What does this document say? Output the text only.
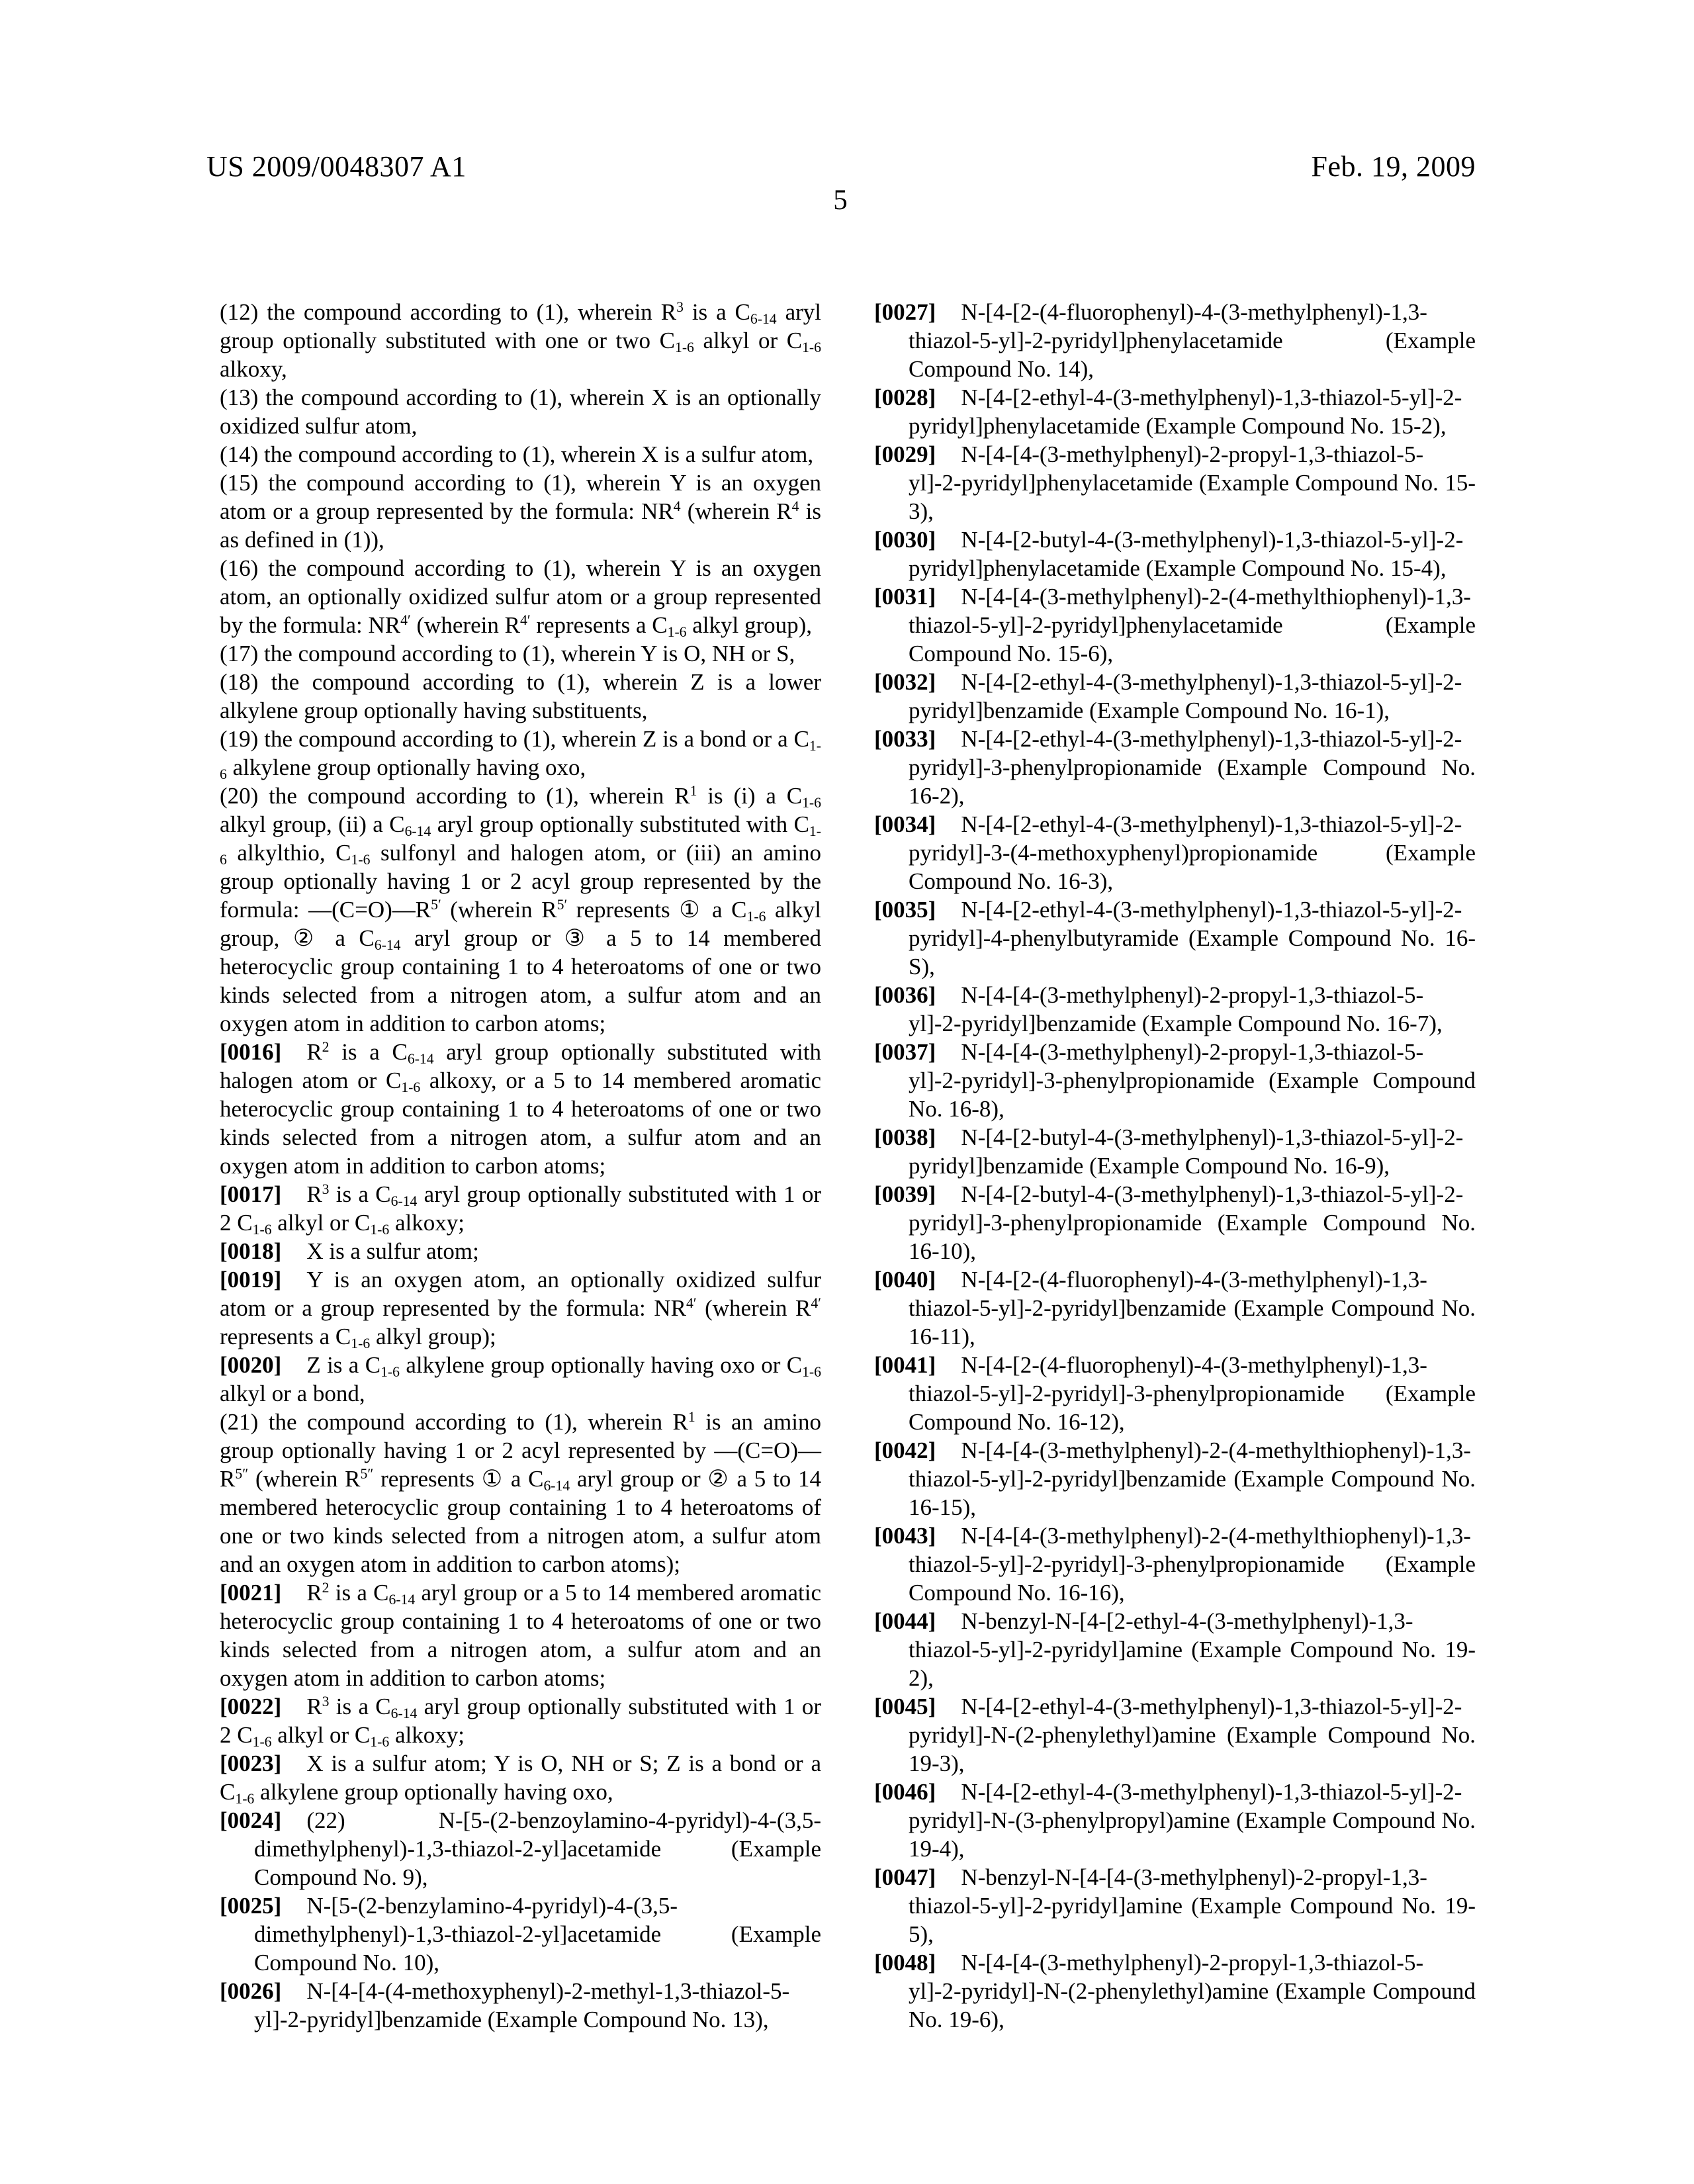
US 2009/0048307 A1	Feb. 19, 2009
5
(12) the compound according to (1), wherein $R^3$ is a $C_{6-14}$ aryl group optionally substituted with one or two $C_{1-6}$ alkyl or $C_{1-6}$ alkoxy,
(13) the compound according to (1), wherein X is an optionally oxidized sulfur atom,
(14) the compound according to (1), wherein X is a sulfur atom,
(15) the compound according to (1), wherein Y is an oxygen atom or a group represented by the formula: $NR^4$ (wherein $R^4$ is as defined in (1)),
(16) the compound according to (1), wherein Y is an oxygen atom, an optionally oxidized sulfur atom or a group represented by the formula: $NR^{4'}$ (wherein $R^{4'}$ represents a $C_{1-6}$ alkyl group),
(17) the compound according to (1), wherein Y is O, NH or S,
(18) the compound according to (1), wherein Z is a lower alkylene group optionally having substituents,
(19) the compound according to (1), wherein Z is a bond or a $C_{1-6}$ alkylene group optionally having oxo,
(20) the compound according to (1), wherein $R^1$ is (i) a $C_{1-6}$ alkyl group, (ii) a $C_{6-14}$ aryl group optionally substituted with $C_{1-6}$ alkylthio, $C_{1-6}$ sulfonyl and halogen atom, or (iii) an amino group optionally having 1 or 2 acyl group represented by the formula: $—(C=O)—R^{5'}$ (wherein $R^{5'}$ represents ① a $C_{1-6}$ alkyl group, ② a $C_{6-14}$ aryl group or ③ a 5 to 14 membered heterocyclic group containing 1 to 4 heteroatoms of one or two kinds selected from a nitrogen atom, a sulfur atom and an oxygen atom in addition to carbon atoms;
[0016] $R^2$ is a $C_{6-14}$ aryl group optionally substituted with halogen atom or $C_{1-6}$ alkoxy, or a 5 to 14 membered aromatic heterocyclic group containing 1 to 4 heteroatoms of one or two kinds selected from a nitrogen atom, a sulfur atom and an oxygen atom in addition to carbon atoms;
[0017] $R^3$ is a $C_{6-14}$ aryl group optionally substituted with 1 or 2 $C_{1-6}$ alkyl or $C_{1-6}$ alkoxy;
[0018] X is a sulfur atom;
[0019] Y is an oxygen atom, an optionally oxidized sulfur atom or a group represented by the formula: $NR^{4'}$ (wherein $R^{4'}$ represents a $C_{1-6}$ alkyl group);
[0020] Z is a $C_{1-6}$ alkylene group optionally having oxo or $C_{1-6}$ alkyl or a bond,
(21) the compound according to (1), wherein $R^1$ is an amino group optionally having 1 or 2 acyl represented by $—(C=O)—R^{5''}$ (wherein $R^{5''}$ represents ① a $C_{6-14}$ aryl group or ② a 5 to 14 membered heterocyclic group containing 1 to 4 heteroatoms of one or two kinds selected from a nitrogen atom, a sulfur atom and an oxygen atom in addition to carbon atoms);
[0021] $R^2$ is a $C_{6-14}$ aryl group or a 5 to 14 membered aromatic heterocyclic group containing 1 to 4 heteroatoms of one or two kinds selected from a nitrogen atom, a sulfur atom and an oxygen atom in addition to carbon atoms;
[0022] $R^3$ is a $C_{6-14}$ aryl group optionally substituted with 1 or 2 $C_{1-6}$ alkyl or $C_{1-6}$ alkoxy;
[0023] X is a sulfur atom; Y is O, NH or S; Z is a bond or a $C_{1-6}$ alkylene group optionally having oxo,
[0024] (22) N-[5-(2-benzoylamino-4-pyridyl)-4-(3,5-dimethylphenyl)-1,3-thiazol-2-yl]acetamide (Example Compound No. 9),
[0025] N-[5-(2-benzylamino-4-pyridyl)-4-(3,5-dimethylphenyl)-1,3-thiazol-2-yl]acetamide (Example Compound No. 10),
[0026] N-[4-[4-(4-methoxyphenyl)-2-methyl-1,3-thiazol-5-yl]-2-pyridyl]benzamide (Example Compound No. 13),
[0027] N-[4-[2-(4-fluorophenyl)-4-(3-methylphenyl)-1,3-thiazol-5-yl]-2-pyridyl]phenylacetamide (Example Compound No. 14),
[0028] N-[4-[2-ethyl-4-(3-methylphenyl)-1,3-thiazol-5-yl]-2-pyridyl]phenylacetamide (Example Compound No. 15-2),
[0029] N-[4-[4-(3-methylphenyl)-2-propyl-1,3-thiazol-5-yl]-2-pyridyl]phenylacetamide (Example Compound No. 15-3),
[0030] N-[4-[2-butyl-4-(3-methylphenyl)-1,3-thiazol-5-yl]-2-pyridyl]phenylacetamide (Example Compound No. 15-4),
[0031] N-[4-[4-(3-methylphenyl)-2-(4-methylthiophenyl)-1,3-thiazol-5-yl]-2-pyridyl]phenylacetamide (Example Compound No. 15-6),
[0032] N-[4-[2-ethyl-4-(3-methylphenyl)-1,3-thiazol-5-yl]-2-pyridyl]benzamide (Example Compound No. 16-1),
[0033] N-[4-[2-ethyl-4-(3-methylphenyl)-1,3-thiazol-5-yl]-2-pyridyl]-3-phenylpropionamide (Example Compound No. 16-2),
[0034] N-[4-[2-ethyl-4-(3-methylphenyl)-1,3-thiazol-5-yl]-2-pyridyl]-3-(4-methoxyphenyl)propionamide (Example Compound No. 16-3),
[0035] N-[4-[2-ethyl-4-(3-methylphenyl)-1,3-thiazol-5-yl]-2-pyridyl]-4-phenylbutyramide (Example Compound No. 16-S),
[0036] N-[4-[4-(3-methylphenyl)-2-propyl-1,3-thiazol-5-yl]-2-pyridyl]benzamide (Example Compound No. 16-7),
[0037] N-[4-[4-(3-methylphenyl)-2-propyl-1,3-thiazol-5-yl]-2-pyridyl]-3-phenylpropionamide (Example Compound No. 16-8),
[0038] N-[4-[2-butyl-4-(3-methylphenyl)-1,3-thiazol-5-yl]-2-pyridyl]benzamide (Example Compound No. 16-9),
[0039] N-[4-[2-butyl-4-(3-methylphenyl)-1,3-thiazol-5-yl]-2-pyridyl]-3-phenylpropionamide (Example Compound No. 16-10),
[0040] N-[4-[2-(4-fluorophenyl)-4-(3-methylphenyl)-1,3-thiazol-5-yl]-2-pyridyl]benzamide (Example Compound No. 16-11),
[0041] N-[4-[2-(4-fluorophenyl)-4-(3-methylphenyl)-1,3-thiazol-5-yl]-2-pyridyl]-3-phenylpropionamide (Example Compound No. 16-12),
[0042] N-[4-[4-(3-methylphenyl)-2-(4-methylthiophenyl)-1,3-thiazol-5-yl]-2-pyridyl]benzamide (Example Compound No. 16-15),
[0043] N-[4-[4-(3-methylphenyl)-2-(4-methylthiophenyl)-1,3-thiazol-5-yl]-2-pyridyl]-3-phenylpropionamide (Example Compound No. 16-16),
[0044] N-benzyl-N-[4-[2-ethyl-4-(3-methylphenyl)-1,3-thiazol-5-yl]-2-pyridyl]amine (Example Compound No. 19-2),
[0045] N-[4-[2-ethyl-4-(3-methylphenyl)-1,3-thiazol-5-yl]-2-pyridyl]-N-(2-phenylethyl)amine (Example Compound No. 19-3),
[0046] N-[4-[2-ethyl-4-(3-methylphenyl)-1,3-thiazol-5-yl]-2-pyridyl]-N-(3-phenylpropyl)amine (Example Compound No. 19-4),
[0047] N-benzyl-N-[4-[4-(3-methylphenyl)-2-propyl-1,3-thiazol-5-yl]-2-pyridyl]amine (Example Compound No. 19-5),
[0048] N-[4-[4-(3-methylphenyl)-2-propyl-1,3-thiazol-5-yl]-2-pyridyl]-N-(2-phenylethyl)amine (Example Compound No. 19-6),
